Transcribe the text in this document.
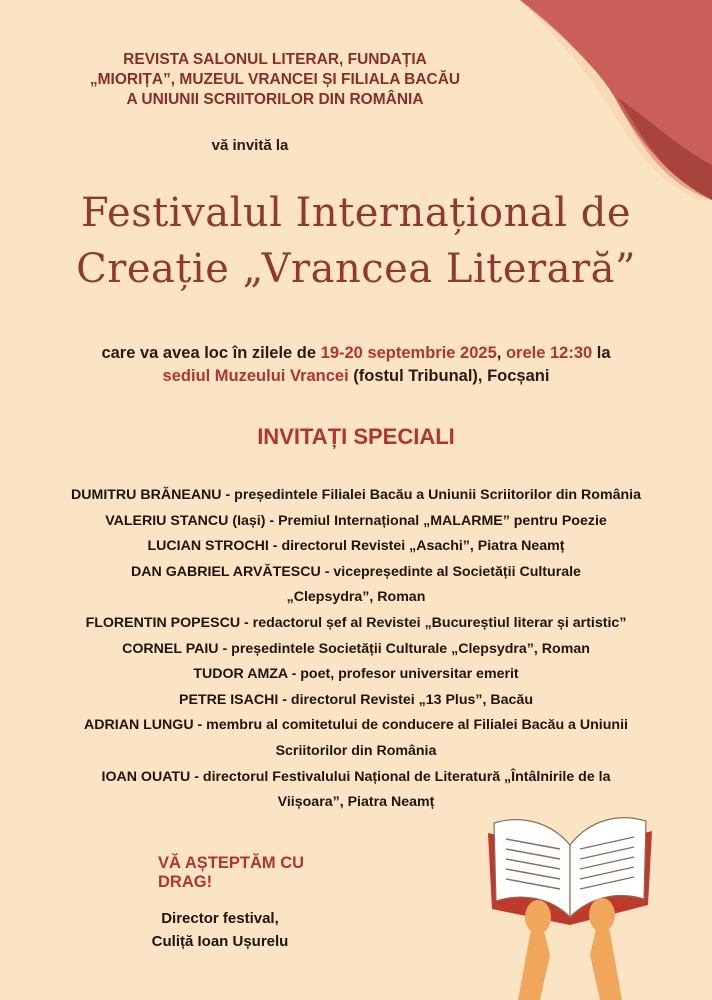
REVISTA SALONUL LITERAR, FUNDAȚIA
„MIORIȚA”, MUZEUL VRANCEI ȘI FILIALA BACĂU
A UNIUNII SCRIITORILOR DIN ROMÂNIA
vă invită la
Festivalul Internațional de
Creație „Vrancea Literară”
care va avea loc în zilele de 19-20 septembrie 2025, orele 12:30 la
sediul Muzeului Vrancei (fostul Tribunal), Focșani
INVITAȚI SPECIALI
DUMITRU BRĂNEANU - președintele Filialei Bacău a Uniunii Scriitorilor din România
VALERIU STANCU (Iași) - Premiul Internațional „MALARME” pentru Poezie
LUCIAN STROCHI - directorul Revistei „Asachi”, Piatra Neamț
DAN GABRIEL ARVĂTESCU - vicepreședinte al Societății Culturale
„Clepsydra”, Roman
FLORENTIN POPESCU - redactorul șef al Revistei „Bucureștiul literar și artistic”
CORNEL PAIU - președintele Societății Culturale „Clepsydra”, Roman
TUDOR AMZA - poet, profesor universitar emerit
PETRE ISACHI - directorul Revistei „13 Plus”, Bacău
ADRIAN LUNGU - membru al comitetului de conducere al Filialei Bacău a Uniunii
Scriitorilor din România
IOAN OUATU - directorul Festivalului Național de Literatură „Întâlnirile de la
Viișoara”, Piatra Neamț
VĂ AȘTEPTĂM CU DRAG!
Director festival,
Culiță Ioan Ușurelu
